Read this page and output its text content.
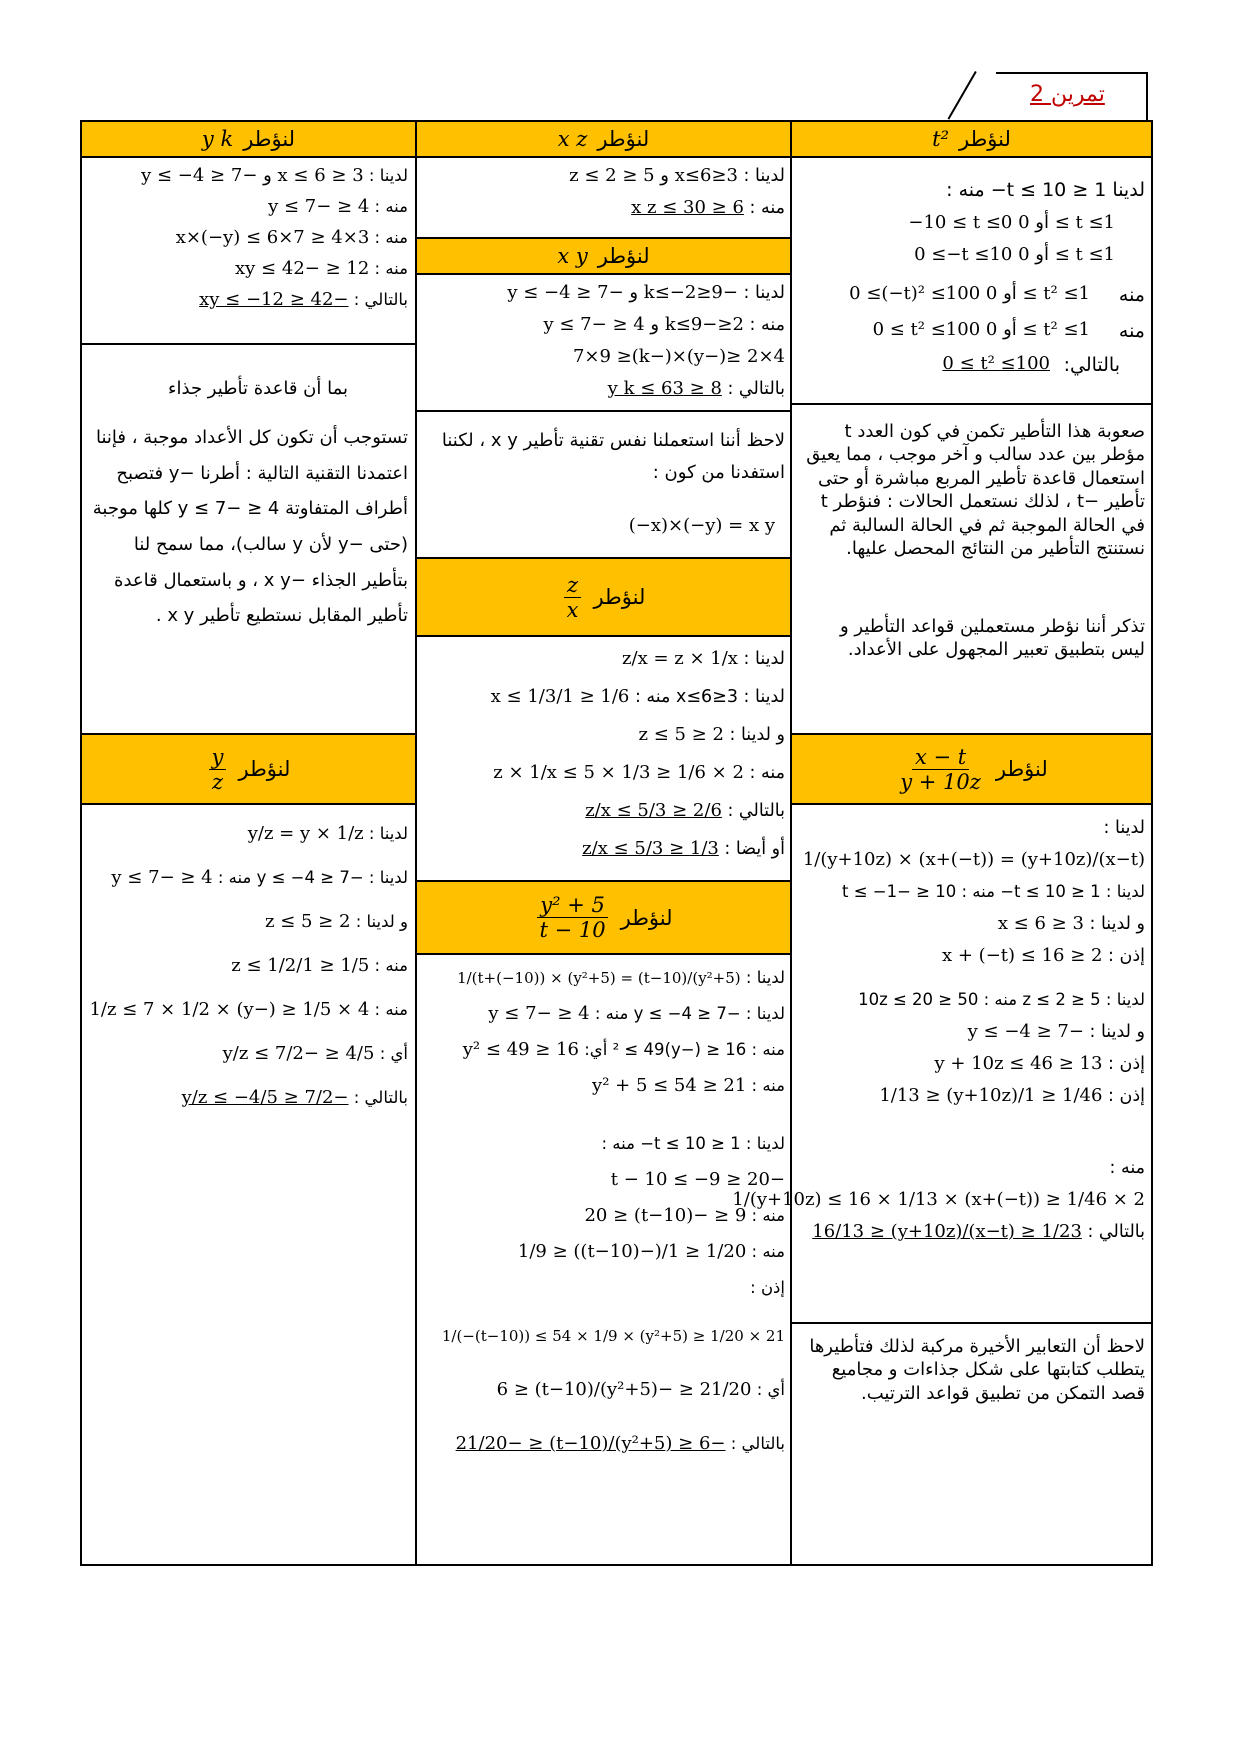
تمرين 2
t² لنؤطر
لدينا 1 ≤ t ≤ 10− منه :
−10 ≤ t ≤0 أو 0 ≤ t ≤1
0 ≤−t ≤10 أو 0 ≤ t ≤1
منه
0 ≤(−t)² ≤100 أو 0 ≤ t² ≤1
منه
0 ≤ t² ≤100 أو 0 ≤ t² ≤1
بالتالي:
0 ≤ t² ≤100
صعوبة هذا التأطير تكمن في كون العدد t مؤطر بين عدد سالب و آخر موجب ، مما يعيق استعمال قاعدة تأطير المربع مباشرة أو حتى تأطير −t ، لذلك نستعمل الحالات : فنؤطر t في الحالة الموجبة ثم في الحالة السالبة ثم نستنتج التأطير من النتائج المحصل عليها.
تذكر أننا نؤطر مستعملين قواعد التأطير و ليس بتطبيق تعبير المجهول على الأعداد.
$\frac{x - t}{y + 10z}$ لنؤطر
لدينا : (x−t)/(y+10z) = (x+(−t)) × 1/(y+10z)
لدينا : 1 ≤ t ≤ 10− منه : 10 ≤ −t ≤ −1
و لدينا : 3 ≤ x ≤ 6
إذن : 2 ≤ x + (−t) ≤ 16
لدينا : 5 ≤ z ≤ 2 منه : 50 ≤ 10z ≤ 20
و لدينا : −7 ≤ y ≤ −4
إذن : 13 ≤ y + 10z ≤ 46
إذن : 1/46 ≤ 1/(y+10z) ≤ 1/13
منه :
2 × 1/46 ≤ (x+(−t)) × 1/(y+10z) ≤ 16 × 1/13
بالتالي : 1/23 ≤ (x−t)/(y+10z) ≤ 16/13
لاحظ أن التعابير الأخيرة مركبة لذلك فتأطيرها يتطلب كتابتها على شكل جذاءات و مجاميع قصد التمكن من تطبيق قواعد الترتيب.
x z لنؤطر
لدينا : 3≤x≤6 و 5 ≤ z ≤ 2
منه : 6 ≤ x z ≤ 30
x y لنؤطر
لدينا : −9≤k≤−2 و −7 ≤ y ≤ −4
منه : 2≤−k≤9 و 4 ≤ −y ≤ 7
4×2 ≤(−y)×(−k)≤ 7×9
بالتالي : 8 ≤ y k ≤ 63
لاحظ أننا استعملنا نفس تقنية تأطير x y ، لكننا استفدنا من كون :
(−x)×(−y) = x y
$\frac{z}{x}$ لنؤطر
لدينا : z/x = z × 1/x
لدينا : 3≤x≤6 منه : 1/6 ≤ 1/x ≤ 1/3
و لدينا : 2 ≤ z ≤ 5
منه : 2 × 1/6 ≤ z × 1/x ≤ 5 × 1/3
بالتالي : 2/6 ≤ z/x ≤ 5/3
أو أيضا : 1/3 ≤ z/x ≤ 5/3
$\frac{\text{y² + 5}}{t - 10}$ لنؤطر
لدينا : (y²+5)/(t−10) = (y²+5) × 1/(t+(−10))
لدينا : −7 ≤ y ≤ −4 منه : 4 ≤ −y ≤ 7
منه : 16 ≤ (−y)² ≤ 49 أي: 16 ≤ y² ≤ 49
منه : 21 ≤ y² + 5 ≤ 54
لدينا : 1 ≤ t ≤ 10− منه :
−20 ≤ t − 10 ≤ −9
منه : 9 ≤ −(t−10) ≤ 20
منه : 1/20 ≤ 1/(−(t−10)) ≤ 1/9
إذن :
21 × 1/20 ≤ (y²+5) × 1/(−(t−10)) ≤ 54 × 1/9
أي : 21/20 ≤ −(y²+5)/(t−10) ≤ 6
بالتالي : −6 ≤ (y²+5)/(t−10) ≤ −21/20
y k لنؤطر
لدينا : 3 ≤ x ≤ 6 و −7 ≤ y ≤ −4
منه : 4 ≤ −y ≤ 7
منه : 3×4 ≤ x×(−y) ≤ 6×7
منه : 12 ≤ −xy ≤ 42
بالتالي : −42 ≤ xy ≤ −12
بما أن قاعدة تأطير جذاء
تستوجب أن تكون كل الأعداد موجبة ، فإننا اعتمدنا التقنية التالية : أطرنا −y فتصبح أطراف المتفاوتة 4 ≤ −y ≤ 7 كلها موجبة (حتى −y لأن y سالب)، مما سمح لنا بتأطير الجذاء −x y ، و باستعمال قاعدة تأطير المقابل نستطيع تأطير x y .
$\frac{y}{z}$ لنؤطر
لدينا : y/z = y × 1/z
لدينا : −7 ≤ y ≤ −4 منه : 4 ≤ −y ≤ 7
و لدينا : 2 ≤ z ≤ 5
منه : 1/5 ≤ 1/z ≤ 1/2
منه : 4 × 1/5 ≤ (−y) × 1/z ≤ 7 × 1/2
أي : 4/5 ≤ −y/z ≤ 7/2
بالتالي : −7/2 ≤ y/z ≤ −4/5
